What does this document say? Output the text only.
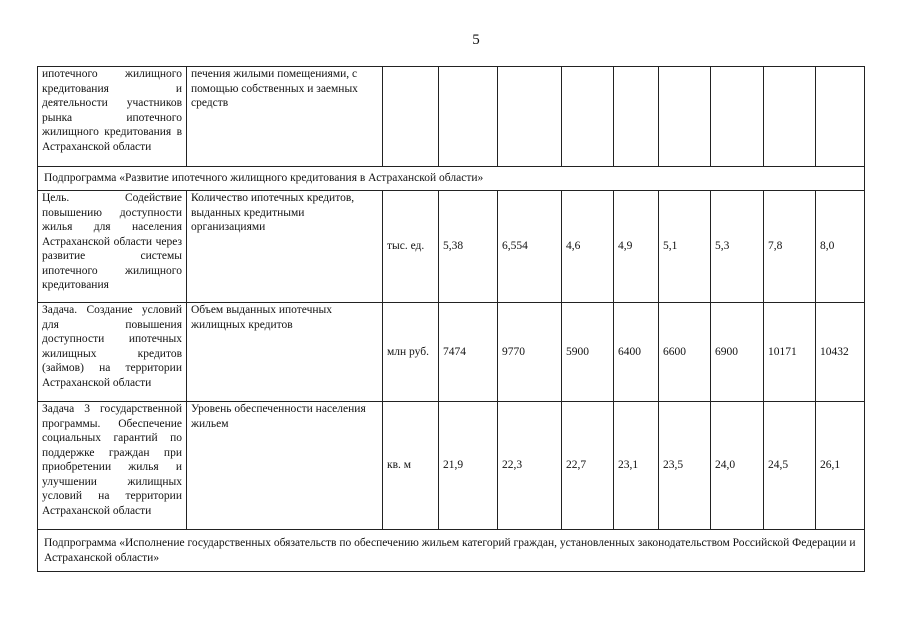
5
ипотечного жилищного кредитования и деятельности участников рынка ипотечного жилищного кредитования в Астраханской области	печения жилыми помещениями, с помощью собственных и заемных средств									
Подпрограмма «Развитие ипотечного жилищного кредитования в Астраханской области»										
Цель. Содействие повышению доступности жилья для населения Астраханской области через развитие системы ипотечного жилищного кредитования	Количество ипотечных кредитов, выданных кредитными организациями	тыс. ед.	5,38	6,554	4,6	4,9	5,1	5,3	7,8	8,0
Задача. Создание условий для повышения доступности ипотечных жилищных кредитов (займов) на территории Астраханской области	Объем выданных ипотечных жилищных кредитов	млн руб.	7474	9770	5900	6400	6600	6900	10171	10432
Задача 3 государственной программы. Обеспечение социальных гарантий по поддержке граждан при приобретении жилья и улучшении жилищных условий на территории Астраханской области	Уровень обеспеченности населения жильем	кв. м	21,9	22,3	22,7	23,1	23,5	24,0	24,5	26,1
Подпрограмма «Исполнение государственных обязательств по обеспечению жильем категорий граждан, установленных законодательством Российской Федерации и Астраханской области»										
